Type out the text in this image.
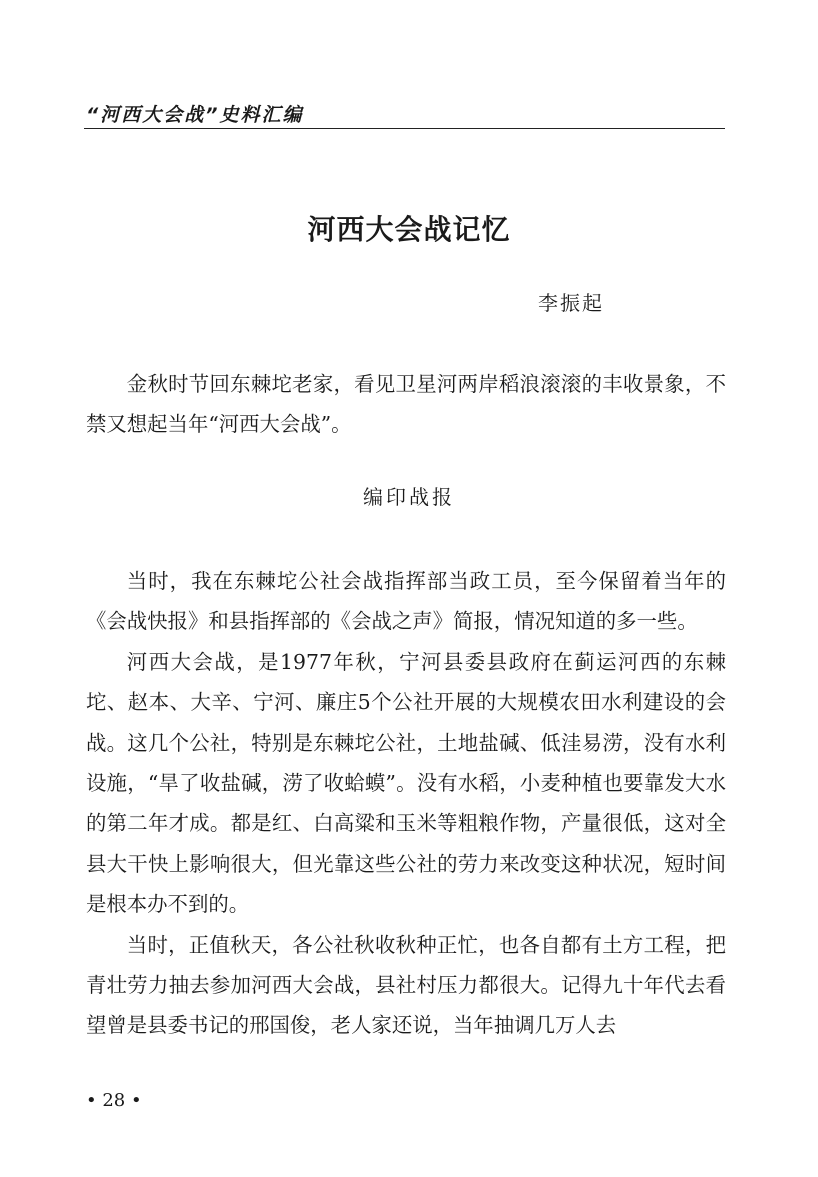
“河西大会战”史料汇编
河西大会战记忆
李振起

金秋时节回东棘坨老家，看见卫星河两岸稻浪滚滚的丰收景象，不禁又想起当年“河西大会战”。

编印战报

当时，我在东棘坨公社会战指挥部当政工员，至今保留着当年的《会战快报》和县指挥部的《会战之声》简报，情况知道的多一些。

河西大会战，是1977年秋，宁河县委县政府在蓟运河西的东棘坨、赵本、大辛、宁河、廉庄5个公社开展的大规模农田水利建设的会战。这几个公社，特别是东棘坨公社，土地盐碱、低洼易涝，没有水利设施，“旱了收盐碱，涝了收蛤蟆”。没有水稻，小麦种植也要靠发大水的第二年才成。都是红、白高粱和玉米等粗粮作物，产量很低，这对全县大干快上影响很大，但光靠这些公社的劳力来改变这种状况，短时间是根本办不到的。

当时，正值秋天，各公社秋收秋种正忙，也各自都有土方工程，把青壮劳力抽去参加河西大会战，县社村压力都很大。记得九十年代去看望曾是县委书记的邢国俊，老人家还说，当年抽调几万人去

• 28 •
